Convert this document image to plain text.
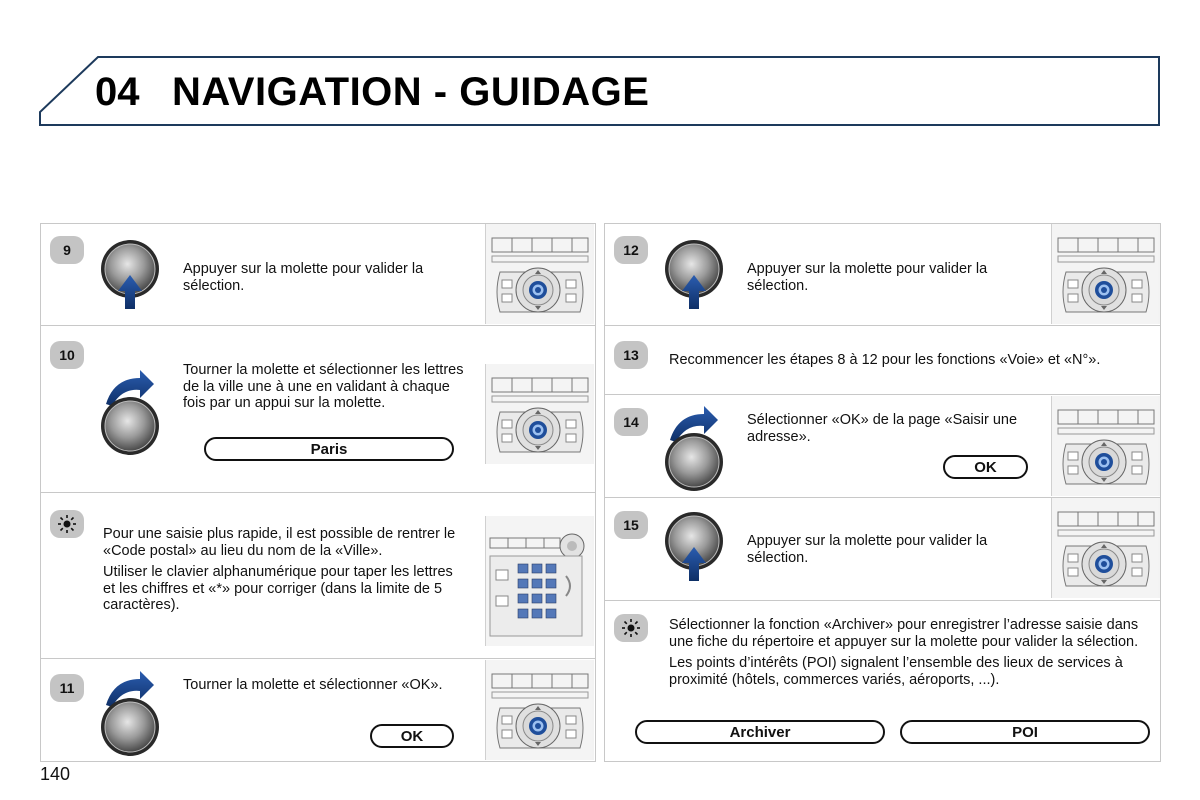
04 NAVIGATION - GUIDAGE
9
Appuyer sur la molette pour valider la sélection.
10
Tourner la molette et sélectionner les lettres de la ville une à une en validant à chaque fois par un appui sur la molette.
Paris

Pour une saisie plus rapide, il est possible de rentrer le «Code postal» au lieu du nom de la «Ville».

Utiliser le clavier alphanumérique pour taper les lettres et les chiffres et «*» pour corriger (dans la limite de 5 caractères).

11	Tourner la molette et sélectionner «OK».
OK
12
Appuyer sur la molette pour valider la sélection.
13	Recommencer les étapes 8 à 12 pour les fonctions «Voie» et «N°».
14	Sélectionner «OK» de la page «Saisir une adresse».
OK
15
Appuyer sur la molette pour valider la sélection.

Sélectionner la fonction «Archiver» pour enregistrer l’adresse saisie dans une fiche du répertoire et appuyer sur la molette pour valider la sélection.

Les points d’intérêts (POI) signalent l’ensemble des lieux de services à proximité (hôtels, commerces variés, aéroports, ...).

Archiver	POI
140
